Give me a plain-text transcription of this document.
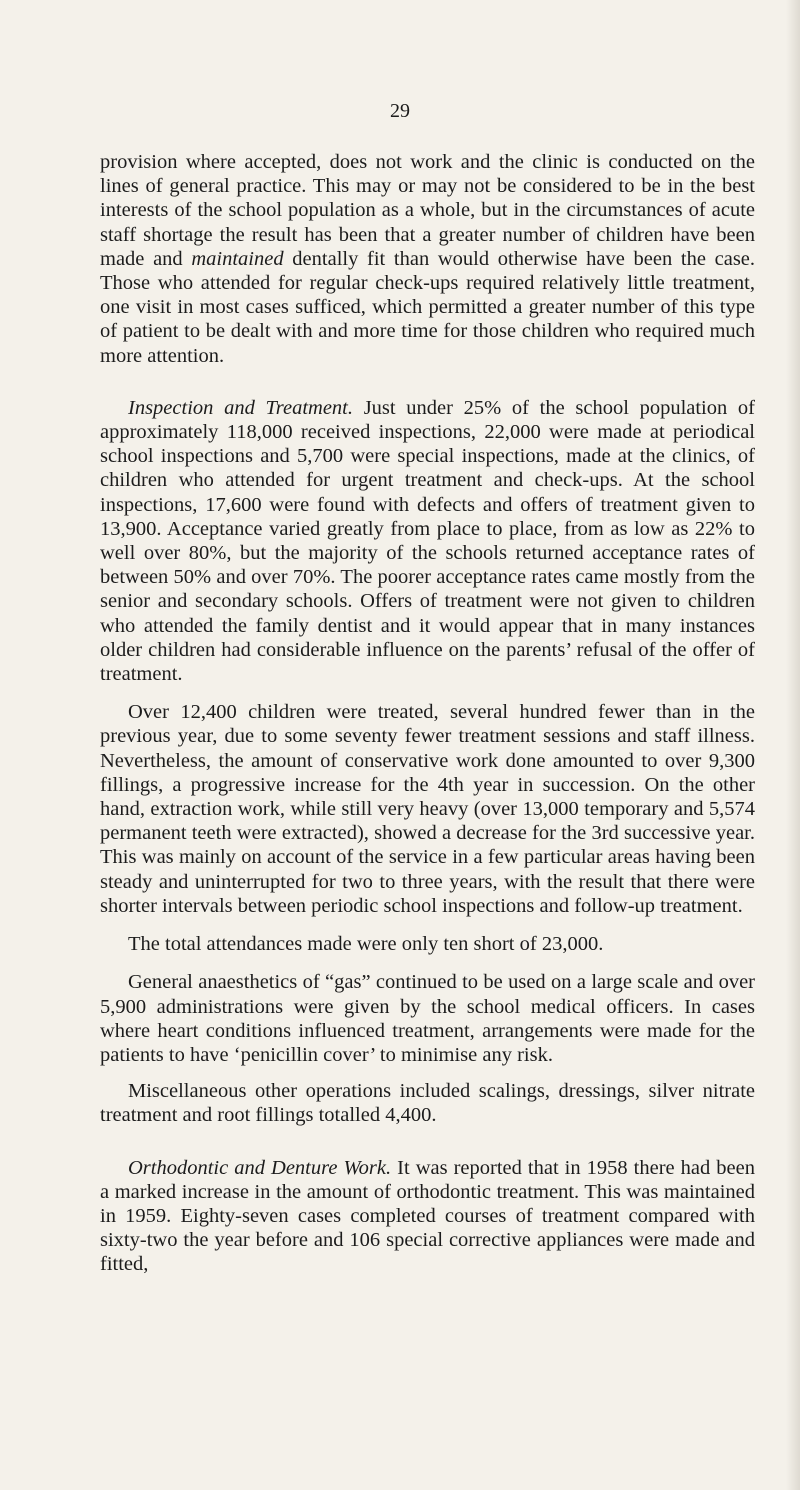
29

provision where accepted, does not work and the clinic is conducted on the lines of general practice. This may or may not be considered to be in the best interests of the school population as a whole, but in the circumstances of acute staff shortage the result has been that a greater number of children have been made and maintained dentally fit than would otherwise have been the case. Those who attended for regular check-ups required relatively little treatment, one visit in most cases sufficed, which permitted a greater number of this type of patient to be dealt with and more time for those children who required much more attention.

Inspection and Treatment. Just under 25% of the school population of approximately 118,000 received inspections, 22,000 were made at periodical school inspections and 5,700 were special inspections, made at the clinics, of children who attended for urgent treatment and check-ups. At the school inspections, 17,600 were found with defects and offers of treatment given to 13,900. Acceptance varied greatly from place to place, from as low as 22% to well over 80%, but the majority of the schools returned acceptance rates of between 50% and over 70%. The poorer acceptance rates came mostly from the senior and secondary schools. Offers of treatment were not given to children who attended the family dentist and it would appear that in many instances older children had considerable influence on the parents’ refusal of the offer of treatment.

Over 12,400 children were treated, several hundred fewer than in the previous year, due to some seventy fewer treatment sessions and staff illness. Nevertheless, the amount of conservative work done amounted to over 9,300 fillings, a progressive increase for the 4th year in succession. On the other hand, extraction work, while still very heavy (over 13,000 temporary and 5,574 permanent teeth were extracted), showed a decrease for the 3rd successive year. This was mainly on account of the service in a few particular areas having been steady and uninterrupted for two to three years, with the result that there were shorter intervals between periodic school inspections and follow-up treatment.

The total attendances made were only ten short of 23,000.

General anaesthetics of “gas” continued to be used on a large scale and over 5,900 administrations were given by the school medical officers. In cases where heart conditions influenced treatment, arrangements were made for the patients to have ‘penicillin cover’ to minimise any risk.

Miscellaneous other operations included scalings, dressings, silver nitrate treatment and root fillings totalled 4,400.

Orthodontic and Denture Work. It was reported that in 1958 there had been a marked increase in the amount of orthodontic treatment. This was maintained in 1959. Eighty-seven cases completed courses of treatment compared with sixty-two the year before and 106 special corrective appliances were made and fitted,
